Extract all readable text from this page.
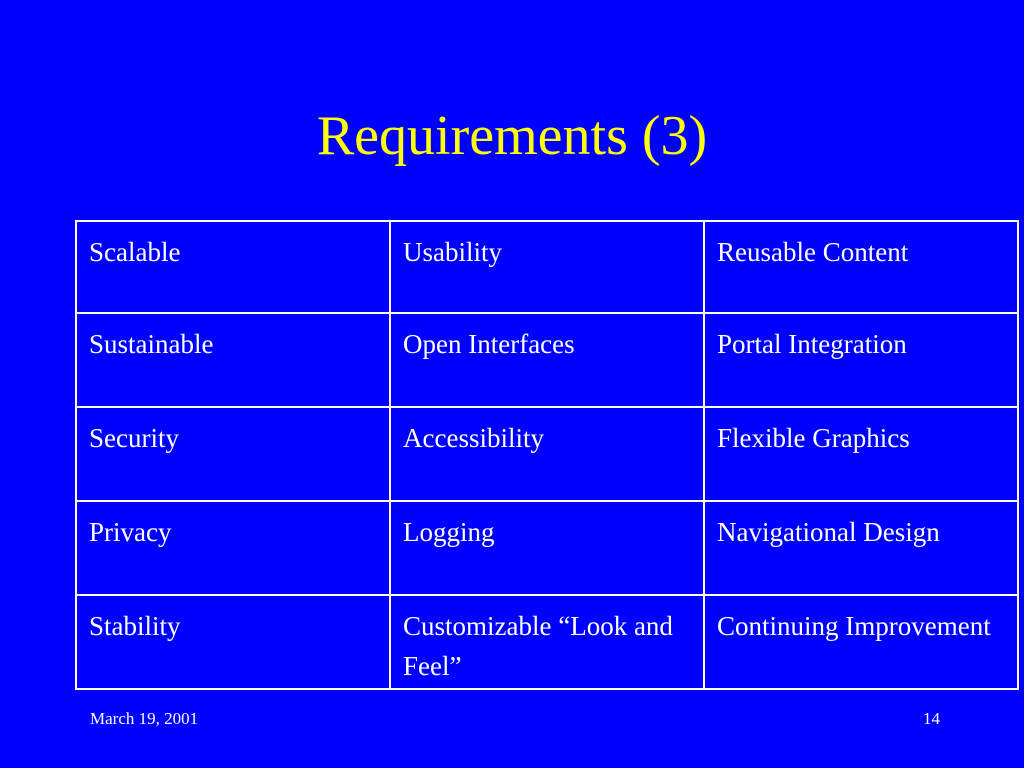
Requirements (3)
Scalable	Usability	Reusable Content
Sustainable	Open Interfaces	Portal Integration
Security	Accessibility	Flexible Graphics
Privacy	Logging	Navigational Design
Stability	Customizable “Look and Feel”	Continuing Improvement
March 19, 2001	14
